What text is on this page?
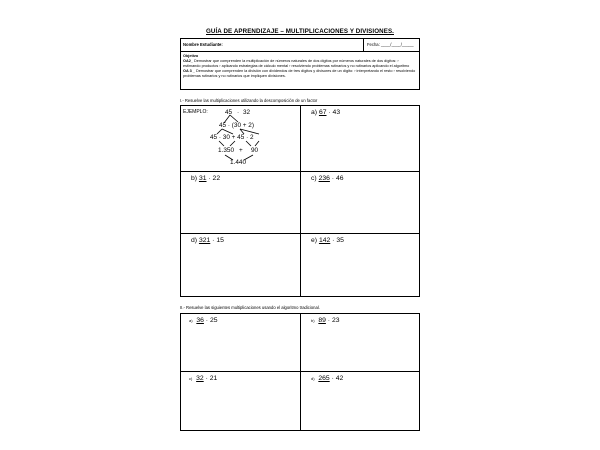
GUÍA DE APRENDIZAJE – MULTIPLICACIONES Y DIVISIONES.
Nombre Estudiante:	Fecha: ____/____/_____
Objetivo
OA2_ Demostrar que comprenden la multiplicación de números naturales de dos dígitos por números naturales de dos dígitos: › estimando productos › aplicando estrategias de cálculo mental › resolviendo problemas rutinarios y no rutinarios aplicando el algoritmo
OA 3 _ Demostrar que comprenden la división con dividendos de tres dígitos y divisores de un dígito: › interpretando el resto › resolviendo problemas rutinarios y no rutinarios que impliquen divisiones.
I.- Resuelve las multiplicaciones utilizando la descomposición de un factor
EJEMPLO:	45 · 32
45 · (30 + 2)
45 · 30 + 45 · 2
1.350 + 90
1.440
a) 67 · 43
b) 31 · 22	c) 236 · 46
d) 321 · 15	e) 142 · 35
II.- Resuelve las siguientes multiplicaciones usando el algoritmo tradicional.
a) 36 · 25	b) 89 · 23
c) 32 · 21	d) 265 · 42
